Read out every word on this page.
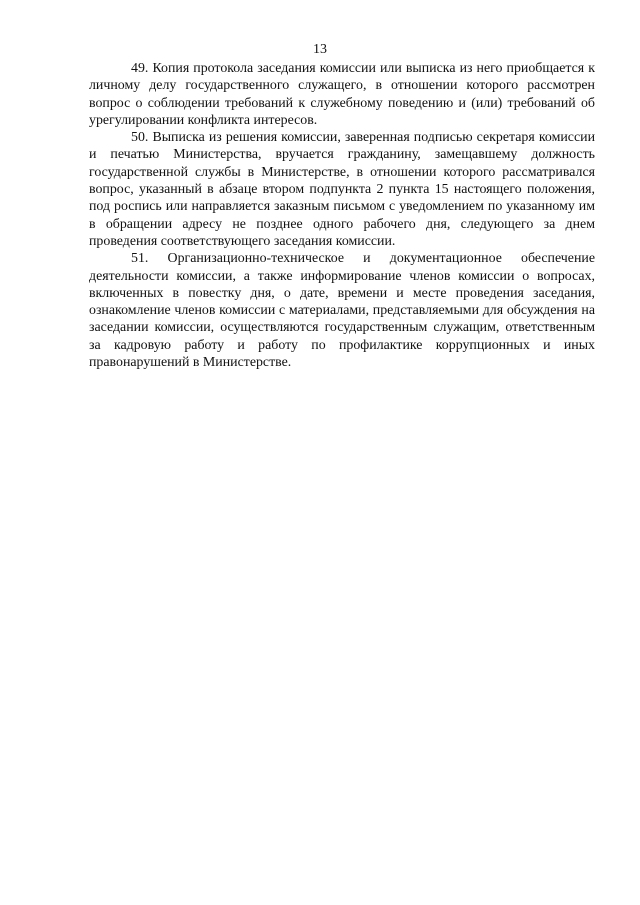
13

49. Копия протокола заседания комиссии или выписка из него приобщается к личному делу государственного служащего, в отношении которого рассмотрен вопрос о соблюдении требований к служебному поведению и (или) требований об урегулировании конфликта интересов.

50. Выписка из решения комиссии, заверенная подписью секретаря комиссии и печатью Министерства, вручается гражданину, замещавшему должность государственной службы в Министерстве, в отношении которого рассматривался вопрос, указанный в абзаце втором подпункта 2 пункта 15 настоящего положения, под роспись или направляется заказным письмом с уведомлением по указанному им в обращении адресу не позднее одного рабочего дня, следующего за днем проведения соответствующего заседания комиссии.

51. Организационно-техническое и документационное обеспечение деятельности комиссии, а также информирование членов комиссии о вопросах, включенных в повестку дня, о дате, времени и месте проведения заседания, ознакомление членов комиссии с материалами, представляемыми для обсуждения на заседании комиссии, осуществляются государственным служащим, ответственным за кадровую работу и работу по профилактике коррупционных и иных правонарушений в Министерстве.
